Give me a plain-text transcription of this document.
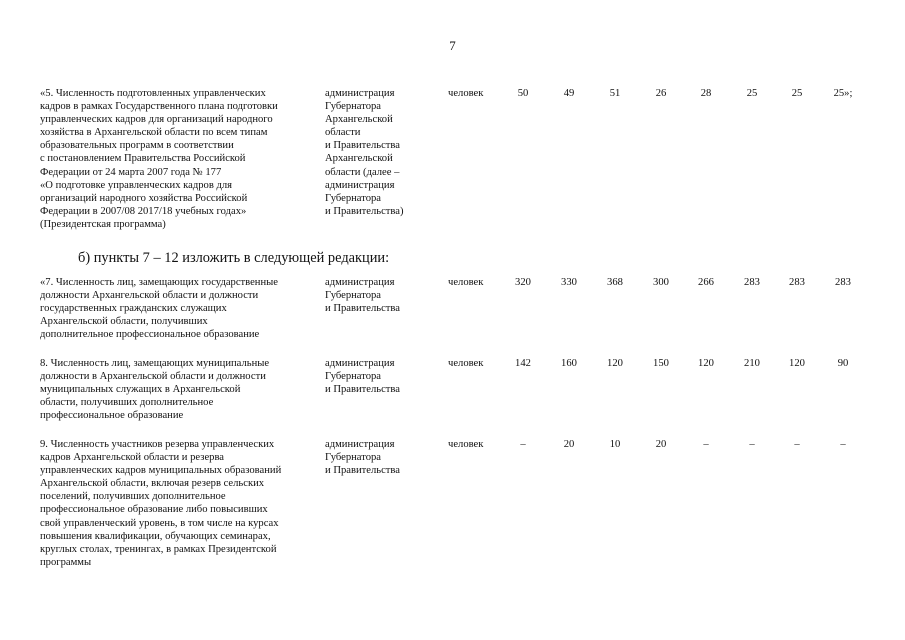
7
«5. Численность подготовленных управленческих
кадров в рамках Государственного плана подготовки
управленческих кадров для организаций народного
хозяйства в Архангельской области по всем типам
образовательных программ в соответствии
с постановлением Правительства Российской
Федерации от 24 марта 2007 года № 177
«О подготовке управленческих кадров для
организаций народного хозяйства Российской
Федерации в 2007/08 2017/18 учебных годах»
(Президентская программа)
администрация
Губернатора
Архангельской
области
и Правительства
Архангельской
области (далее –
администрация
Губернатора
и Правительства)
человек	50	49	51	26	28	25	25	25»;
б) пункты 7 – 12 изложить в следующей редакции:
«7. Численность лиц, замещающих государственные
должности Архангельской области и должности
государственных гражданских служащих
Архангельской области, получивших
дополнительное профессиональное образование
администрация
Губернатора
и Правительства
человек	320	330	368	300	266	283	283	283
8. Численность лиц, замещающих муниципальные
должности в Архангельской области и должности
муниципальных служащих в Архангельской
области, получивших дополнительное
профессиональное образование
администрация
Губернатора
и Правительства
человек	142	160	120	150	120	210	120	90
9. Численность участников резерва управленческих
кадров Архангельской области и резерва
управленческих кадров муниципальных образований
Архангельской области, включая резерв сельских
поселений, получивших дополнительное
профессиональное образование либо повысивших
свой управленческий уровень, в том числе на курсах
повышения квалификации, обучающих семинарах,
круглых столах, тренингах, в рамках Президентской
программы
администрация
Губернатора
и Правительства
человек	–	20	10	20	–	–	–	–
